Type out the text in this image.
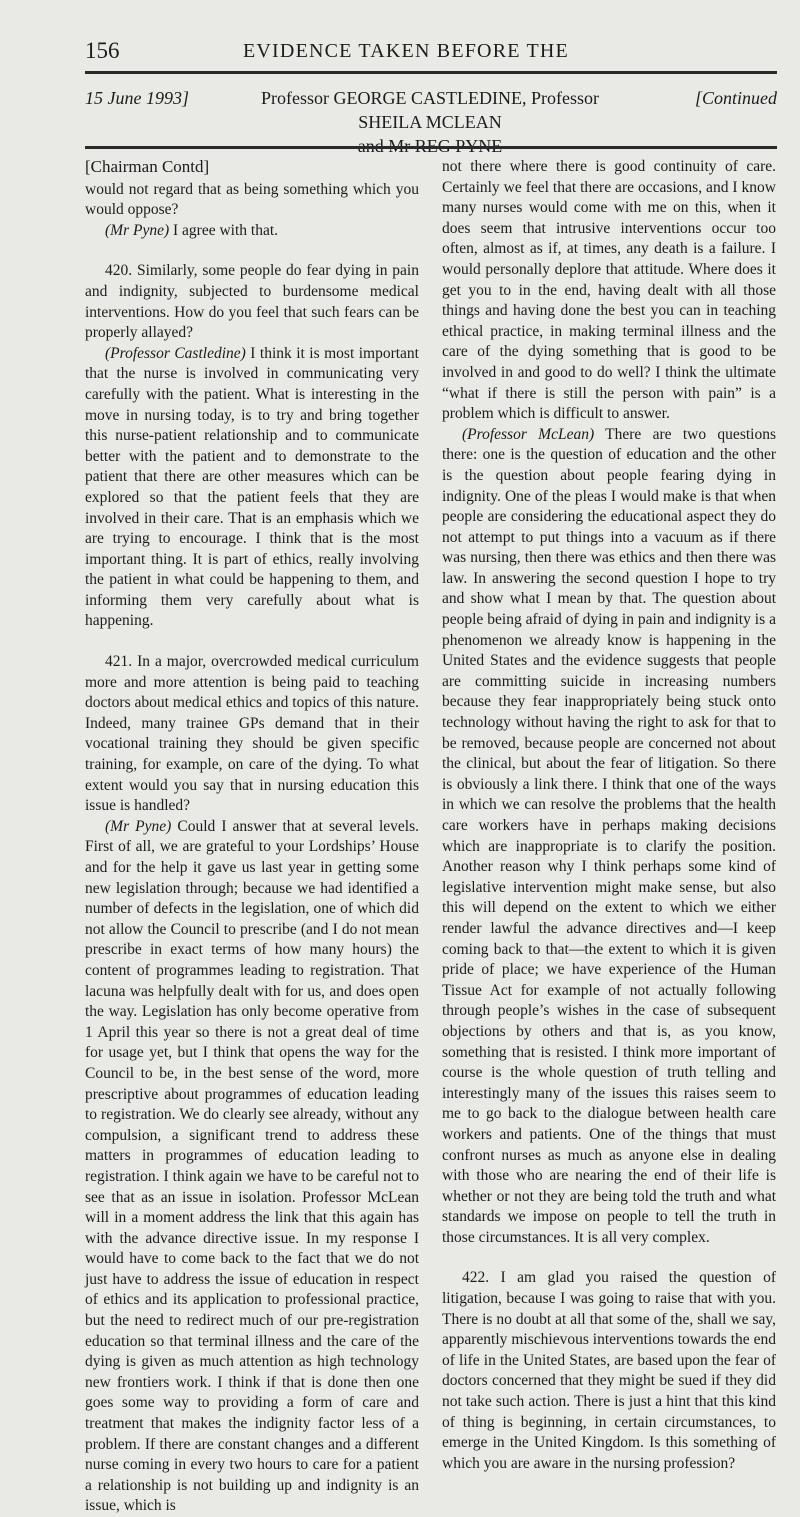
156	EVIDENCE TAKEN BEFORE THE
15 June 1993]	Professor GEORGE CASTLEDINE, Professor SHEILA MCLEAN
[Continued

[Chairman Contd]

would not regard that as being something which you would oppose?

(Mr Pyne) I agree with that.

420. Similarly, some people do fear dying in pain and indignity, subjected to burdensome medical interventions. How do you feel that such fears can be properly allayed?

(Professor Castledine) I think it is most important that the nurse is involved in communicating very carefully with the patient. What is interesting in the move in nursing today, is to try and bring together this nurse-patient relationship and to communicate better with the patient and to demonstrate to the patient that there are other measures which can be explored so that the patient feels that they are involved in their care. That is an emphasis which we are trying to encourage. I think that is the most important thing. It is part of ethics, really involving the patient in what could be happening to them, and informing them very carefully about what is happening.

421. In a major, overcrowded medical curriculum more and more attention is being paid to teaching doctors about medical ethics and topics of this nature. Indeed, many trainee GPs demand that in their vocational training they should be given specific training, for example, on care of the dying. To what extent would you say that in nursing education this issue is handled?

(Mr Pyne) Could I answer that at several levels. First of all, we are grateful to your Lordships’ House and for the help it gave us last year in getting some new legislation through; because we had identified a number of defects in the legislation, one of which did not allow the Council to prescribe (and I do not mean prescribe in exact terms of how many hours) the content of programmes leading to registration. That lacuna was helpfully dealt with for us, and does open the way. Legislation has only become operative from 1 April this year so there is not a great deal of time for usage yet, but I think that opens the way for the Council to be, in the best sense of the word, more prescriptive about programmes of education leading to registration. We do clearly see already, without any compulsion, a significant trend to address these matters in programmes of education leading to registration. I think again we have to be careful not to see that as an issue in isolation. Professor McLean will in a moment address the link that this again has with the advance directive issue. In my response I would have to come back to the fact that we do not just have to address the issue of education in respect of ethics and its application to professional practice, but the need to redirect much of our pre-registration education so that terminal illness and the care of the dying is given as much attention as high technology new frontiers work. I think if that is done then one goes some way to providing a form of care and treatment that makes the indignity factor less of a problem. If there are constant changes and a different nurse coming in every two hours to care for a patient a relationship is not building up and indignity is an issue, which is

not there where there is good continuity of care. Certainly we feel that there are occasions, and I know many nurses would come with me on this, when it does seem that intrusive interventions occur too often, almost as if, at times, any death is a failure. I would personally deplore that attitude. Where does it get you to in the end, having dealt with all those things and having done the best you can in teaching ethical practice, in making terminal illness and the care of the dying something that is good to be involved in and good to do well? I think the ultimate “what if there is still the person with pain” is a problem which is difficult to answer.

(Professor McLean) There are two questions there: one is the question of education and the other is the question about people fearing dying in indignity. One of the pleas I would make is that when people are considering the educational aspect they do not attempt to put things into a vacuum as if there was nursing, then there was ethics and then there was law. In answering the second question I hope to try and show what I mean by that. The question about people being afraid of dying in pain and indignity is a phenomenon we already know is happening in the United States and the evidence suggests that people are committing suicide in increasing numbers because they fear inappropriately being stuck onto technology without having the right to ask for that to be removed, because people are concerned not about the clinical, but about the fear of litigation. So there is obviously a link there. I think that one of the ways in which we can resolve the problems that the health care workers have in perhaps making decisions which are inappropriate is to clarify the position. Another reason why I think perhaps some kind of legislative intervention might make sense, but also this will depend on the extent to which we either render lawful the advance directives and—I keep coming back to that—the extent to which it is given pride of place; we have experience of the Human Tissue Act for example of not actually following through people’s wishes in the case of subsequent objections by others and that is, as you know, something that is resisted. I think more important of course is the whole question of truth telling and interestingly many of the issues this raises seem to me to go back to the dialogue between health care workers and patients. One of the things that must confront nurses as much as anyone else in dealing with those who are nearing the end of their life is whether or not they are being told the truth and what standards we impose on people to tell the truth in those circumstances. It is all very complex.

422. I am glad you raised the question of litigation, because I was going to raise that with you. There is no doubt at all that some of the, shall we say, apparently mischievous interventions towards the end of life in the United States, are based upon the fear of doctors concerned that they might be sued if they did not take such action. There is just a hint that this kind of thing is beginning, in certain circumstances, to emerge in the United Kingdom. Is this something of which you are aware in the nursing profession?
